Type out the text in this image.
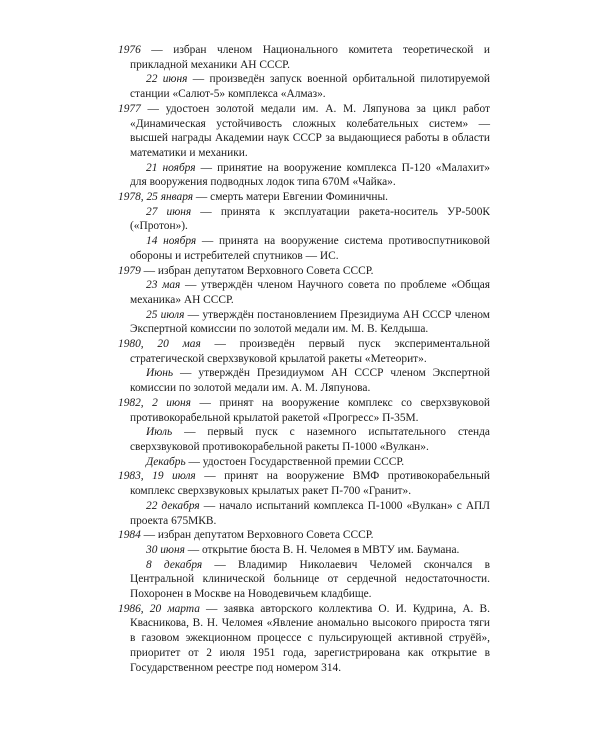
1976 — избран членом Национального комитета теоретической и прикладной механики АН СССР.

22 июня — произведён запуск военной орбитальной пилотируемой станции «Салют-5» комплекса «Алмаз».

1977 — удостоен золотой медали им. А. М. Ляпунова за цикл работ «Динамическая устойчивость сложных колебательных систем» — высшей награды Академии наук СССР за выдающиеся работы в области математики и механики.

21 ноября — принятие на вооружение комплекса П-120 «Малахит» для вооружения подводных лодок типа 670М «Чайка».

1978, 25 января — смерть матери Евгении Фоминичны.

27 июня — принята к эксплуатации ракета-носитель УР-500К («Протон»).

14 ноября — принята на вооружение система противоспутниковой обороны и истребителей спутников — ИС.

1979 — избран депутатом Верховного Совета СССР.

23 мая — утверждён членом Научного совета по проблеме «Общая механика» АН СССР.

25 июля — утверждён постановлением Президиума АН СССР членом Экспертной комиссии по золотой медали им. М. В. Келдыша.

1980, 20 мая — произведён первый пуск экспериментальной стратегической сверхзвуковой крылатой ракеты «Метеорит».

Июнь — утверждён Президиумом АН СССР членом Экспертной комиссии по золотой медали им. А. М. Ляпунова.

1982, 2 июня — принят на вооружение комплекс со сверхзвуковой противокорабельной крылатой ракетой «Прогресс» П-35М.

Июль — первый пуск с наземного испытательного стенда сверхзвуковой противокорабельной ракеты П-1000 «Вулкан».

Декабрь — удостоен Государственной премии СССР.

1983, 19 июля — принят на вооружение ВМФ противокорабельный комплекс сверхзвуковых крылатых ракет П-700 «Гранит».

22 декабря — начало испытаний комплекса П-1000 «Вулкан» с АПЛ проекта 675МКВ.

1984 — избран депутатом Верховного Совета СССР.

30 июня — открытие бюста В. Н. Челомея в МВТУ им. Баумана.

8 декабря — Владимир Николаевич Челомей скончался в Центральной клинической больнице от сердечной недостаточности. Похоронен в Москве на Новодевичьем кладбище.

1986, 20 марта — заявка авторского коллектива О. И. Кудрина, А. В. Квасникова, В. Н. Челомея «Явление аномально высокого прироста тяги в газовом эжекционном процессе с пульсирующей активной струёй», приоритет от 2 июля 1951 года, зарегистрирована как открытие в Государственном реестре под номером 314.
